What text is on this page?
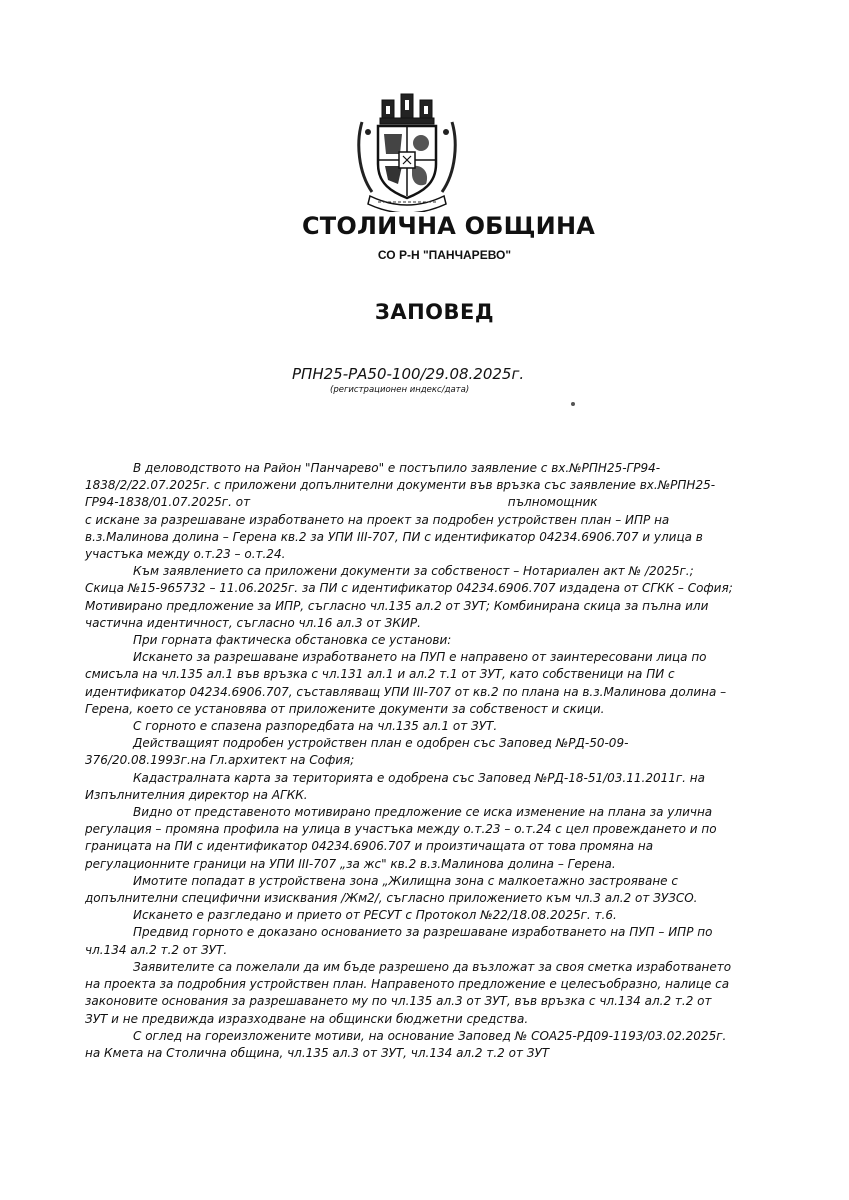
СТОЛИЧНА ОБЩИНА
СО Р-Н "ПАНЧАРЕВО"
ЗАПОВЕД
РПН25-РА50-100/29.08.2025г.
(регистрационен индекс/дата)

В деловодството на Район "Панчарево" е постъпило заявление с вх.№РПН25-ГР94-1838/2/22.07.2025г. с приложени допълнителни документи във връзка със заявление вх.№РПН25-ГР94-1838/01.07.2025г. от	пълномощник

с искане за разрешаване изработването на проект за подробен устройствен план – ИПР на в.з.Малинова долина – Герена кв.2 за УПИ III-707, ПИ с идентификатор 04234.6906.707 и улица в участъка между о.т.23 – о.т.24.

Към заявлението са приложени документи за собственост – Нотариален акт № /2025г.; Скица №15-965732 – 11.06.2025г. за ПИ с идентификатор 04234.6906.707 издадена от СГКК – София; Мотивирано предложение за ИПР, съгласно чл.135 ал.2 от ЗУТ; Комбинирана скица за пълна или частична идентичност, съгласно чл.16 ал.3 от ЗКИР.

При горната фактическа обстановка се установи:

Искането за разрешаване изработването на ПУП е направено от заинтересовани лица по смисъла на чл.135 ал.1 във връзка с чл.131 ал.1 и ал.2 т.1 от ЗУТ, като собственици на ПИ с идентификатор 04234.6906.707, съставляващ УПИ III-707 от кв.2 по плана на в.з.Малинова долина – Герена, което се установява от приложените документи за собственост и скици.

С горното е спазена разпоредбата на чл.135 ал.1 от ЗУТ.

Действащият подробен устройствен план е одобрен със Заповед №РД-50-09-376/20.08.1993г.на Гл.архитект на София;

Кадастралната карта за територията е одобрена със Заповед №РД-18-51/03.11.2011г. на Изпълнителния директор на АГКК.

Видно от представеното мотивирано предложение се иска изменение на плана за улична регулация – промяна профила на улица в участъка между о.т.23 – о.т.24 с цел провеждането и по границата на ПИ с идентификатор 04234.6906.707 и произтичащата от това промяна на регулационните граници на УПИ III-707 „за жс" кв.2 в.з.Малинова долина – Герена.

Имотите попадат в устройствена зона „Жилищна зона с малкоетажно застрояване с допълнителни специфични изисквания /Жм2/, съгласно приложението към чл.3 ал.2 от ЗУЗСО.

Искането е разгледано и прието от РЕСУТ с Протокол №22/18.08.2025г. т.6.

Предвид горното е доказано основанието за разрешаване изработването на ПУП – ИПР по чл.134 ал.2 т.2 от ЗУТ.

Заявителите са пожелали да им бъде разрешено да възложат за своя сметка изработването на проекта за подробния устройствен план. Направеното предложение е целесъобразно, налице са законовите основания за разрешаването му по чл.135 ал.3 от ЗУТ, във връзка с чл.134 ал.2 т.2 от ЗУТ и не предвижда изразходване на общински бюджетни средства.

С оглед на гореизложените мотиви, на основание Заповед № СОА25-РД09-1193/03.02.2025г. на Кмета на Столична община, чл.135 ал.3 от ЗУТ, чл.134 ал.2 т.2 от ЗУТ
